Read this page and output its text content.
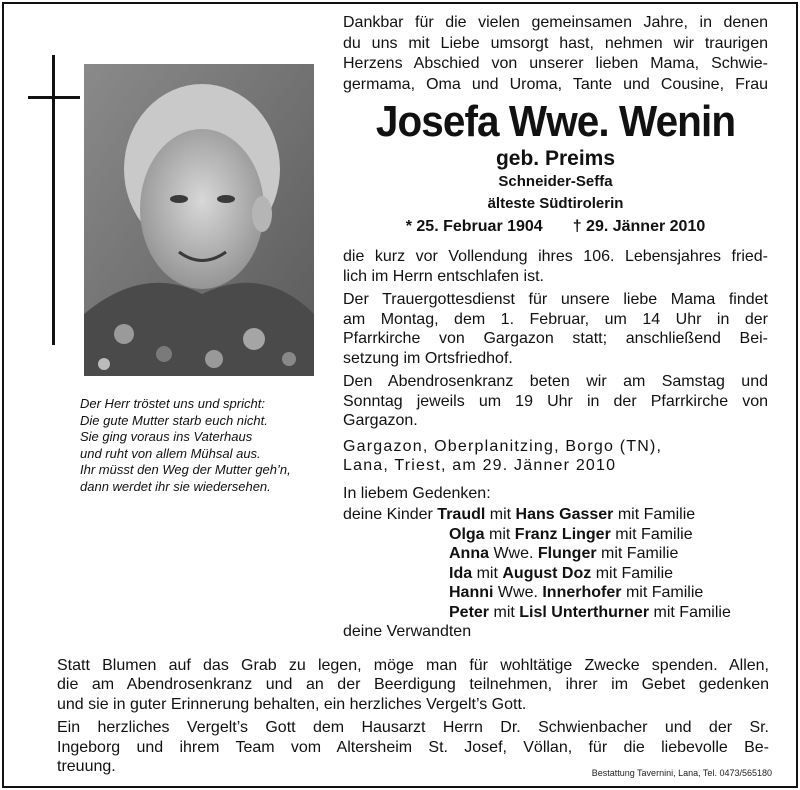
Der Herr tröstet uns und spricht:
Die gute Mutter starb euch nicht.
Sie ging voraus ins Vaterhaus
und ruht von allem Mühsal aus.
Ihr müsst den Weg der Mutter geh’n,
dann werdet ihr sie wiedersehen.
Dankbar für die vielen gemeinsamen Jahre, in denen
du uns mit Liebe umsorgt hast, nehmen wir traurigen
Herzens Abschied von unserer lieben Mama, Schwie-
germama, Oma und Uroma, Tante und Cousine, Frau
Josefa Wwe. Wenin
geb. Preims
Schneider-Seffa
älteste Südtirolerin
* 25. Februar 1904 † 29. Jänner 2010
die kurz vor Vollendung ihres 106. Lebensjahres fried-
lich im Herrn entschlafen ist.
Der Trauergottesdienst für unsere liebe Mama findet
am Montag, dem 1. Februar, um 14 Uhr in der
Pfarrkirche von Gargazon statt; anschließend Bei-
setzung im Ortsfriedhof.
Den Abendrosenkranz beten wir am Samstag und
Sonntag jeweils um 19 Uhr in der Pfarrkirche von
Gargazon.
Gargazon, Oberplanitzing, Borgo (TN),
Lana, Triest, am 29. Jänner 2010
In liebem Gedenken:
deine Kinder Traudl mit Hans Gasser mit Familie
Olga mit Franz Linger mit Familie
Anna Wwe. Flunger mit Familie
Ida mit August Doz mit Familie
Hanni Wwe. Innerhofer mit Familie
Peter mit Lisl Unterthurner mit Familie
deine Verwandten
Statt Blumen auf das Grab zu legen, möge man für wohltätige Zwecke spenden. Allen,
die am Abendrosenkranz und an der Beerdigung teilnehmen, ihrer im Gebet gedenken
und sie in guter Erinnerung behalten, ein herzliches Vergelt’s Gott.
Ein herzliches Vergelt’s Gott dem Hausarzt Herrn Dr. Schwienbacher und der Sr.
Ingeborg und ihrem Team vom Altersheim St. Josef, Völlan, für die liebevolle Be-
treuung.	Bestattung Tavernini, Lana, Tel. 0473/565180
